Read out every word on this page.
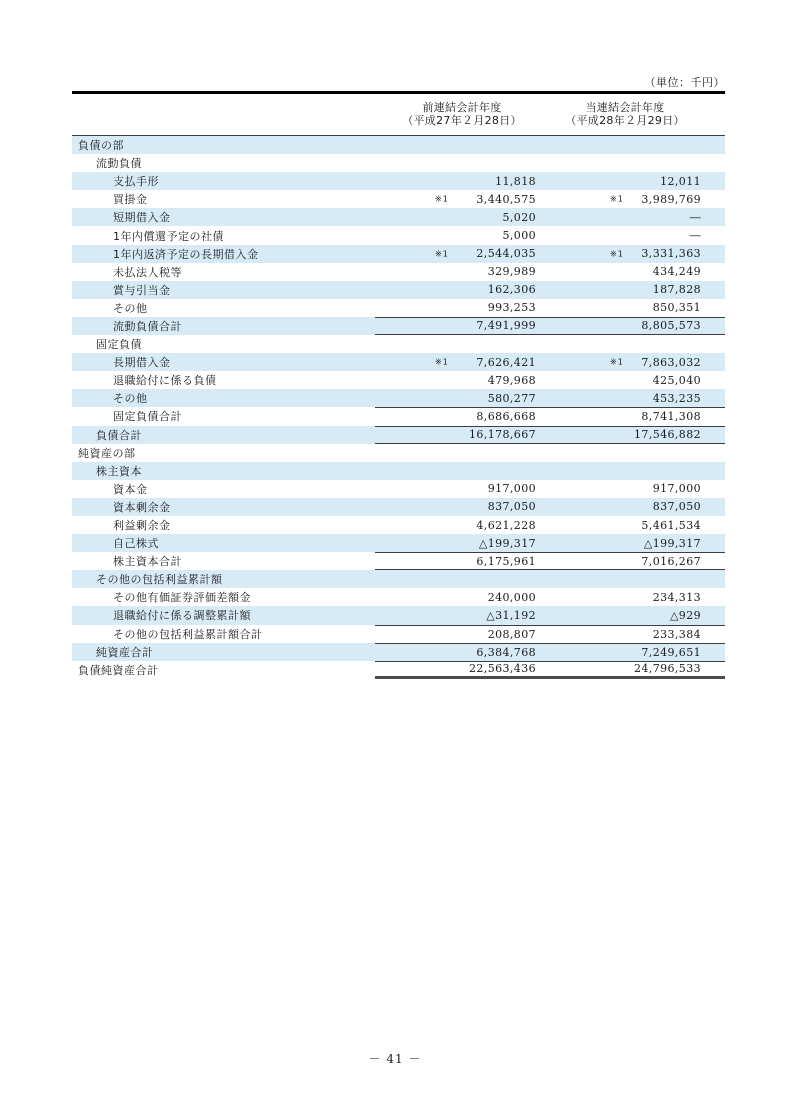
（単位：千円）
前連結会計年度
（平成27年２月28日）
当連結会計年度
（平成28年２月29日）
負債の部
流動負債
支払手形	11,818	12,011
買掛金	※1	3,440,575	※1 3,989,769
短期借入金	5,020	―
1年内償還予定の社債	5,000	―
1年内返済予定の長期借入金	※1	2,544,035	※1 3,331,363
未払法人税等	329,989	434,249
賞与引当金	162,306	187,828
その他	993,253	850,351
流動負債合計	7,491,999	8,805,573
固定負債
長期借入金	※1	7,626,421	※1 7,863,032
退職給付に係る負債	479,968	425,040
その他	580,277	453,235
固定負債合計	8,686,668	8,741,308
負債合計	16,178,667	17,546,882
純資産の部
株主資本
資本金	917,000	917,000
資本剰余金	837,050	837,050
利益剰余金	4,621,228	5,461,534
自己株式	△199,317	△199,317
株主資本合計	6,175,961	7,016,267
その他の包括利益累計額
その他有価証券評価差額金	240,000	234,313
退職給付に係る調整累計額	△31,192	△929
その他の包括利益累計額合計	208,807	233,384
純資産合計	6,384,768	7,249,651
負債純資産合計	22,563,436	24,796,533
－ 41 －
